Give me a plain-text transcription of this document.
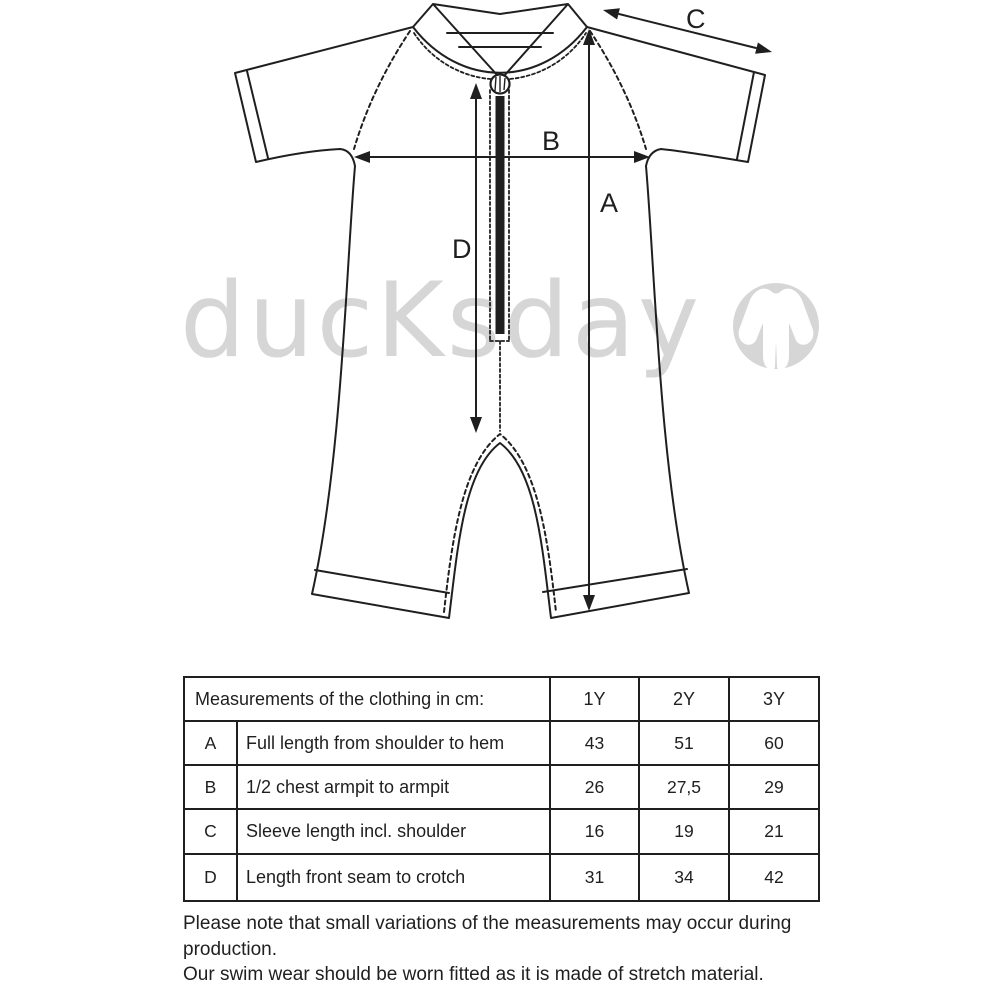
ducKsday
A
B
C
D
Measurements of the clothing in cm:	1Y	2Y	3Y
A	Full length from shoulder to hem	43	51	60
B	1/2 chest armpit to armpit	26	27,5	29
C	Sleeve length incl. shoulder	16	19	21
D	Length front seam to crotch	31	34	42
Please note that small variations of the measurements may occur during
production.
Our swim wear should be worn fitted as it is made of stretch material.
